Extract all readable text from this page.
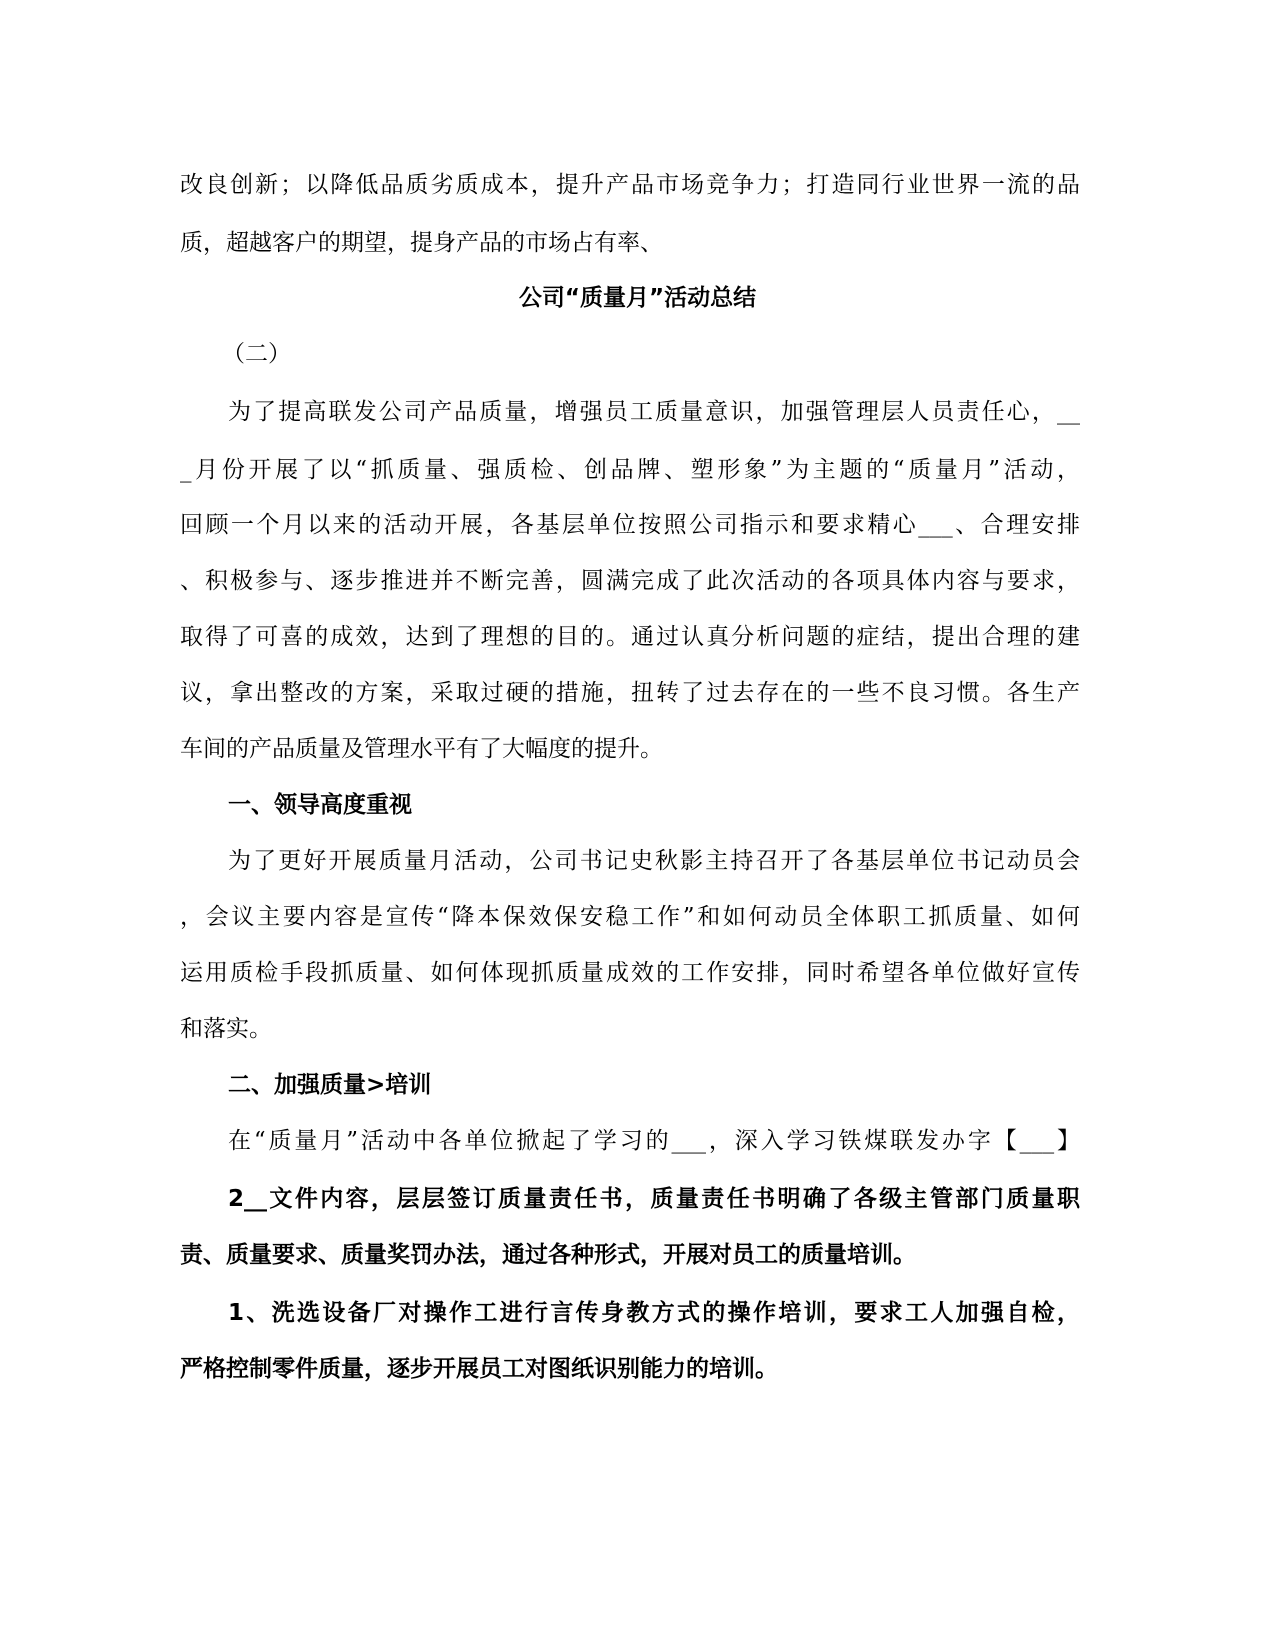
改良创新；以降低品质劣质成本，提升产品市场竞争力；打造同行业世界一流的品
质，超越客户的期望，提身产品的市场占有率、
公司“质量月”活动总结
（二）
为了提高联发公司产品质量，增强员工质量意识，加强管理层人员责任心，__
_月份开展了以“抓质量、强质检、创品牌、塑形象”为主题的“质量月”活动，
回顾一个月以来的活动开展，各基层单位按照公司指示和要求精心___、合理安排
、积极参与、逐步推进并不断完善，圆满完成了此次活动的各项具体内容与要求，
取得了可喜的成效，达到了理想的目的。通过认真分析问题的症结，提出合理的建
议，拿出整改的方案，采取过硬的措施，扭转了过去存在的一些不良习惯。各生产
车间的产品质量及管理水平有了大幅度的提升。
一、领导高度重视
为了更好开展质量月活动，公司书记史秋影主持召开了各基层单位书记动员会
，会议主要内容是宣传“降本保效保安稳工作”和如何动员全体职工抓质量、如何
运用质检手段抓质量、如何体现抓质量成效的工作安排，同时希望各单位做好宣传
和落实。
二、加强质量>培训
在“质量月”活动中各单位掀起了学习的___，深入学习铁煤联发办字【___】
2__文件内容，层层签订质量责任书，质量责任书明确了各级主管部门质量职
责、质量要求、质量奖罚办法，通过各种形式，开展对员工的质量培训。
1、洗选设备厂对操作工进行言传身教方式的操作培训，要求工人加强自检，
严格控制零件质量，逐步开展员工对图纸识别能力的培训。
